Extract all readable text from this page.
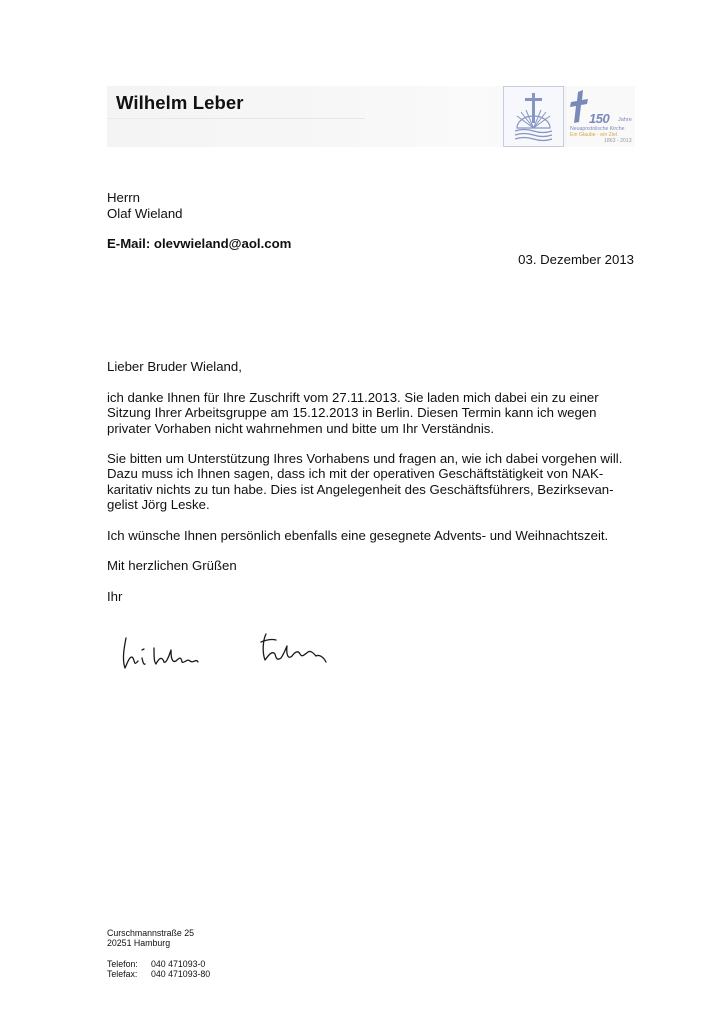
Wilhelm Leber
150 Jahre
Neuapostolische Kirche
Ein Glaube · ein Ziel
1863 - 2013

Herrn

Olaf Wieland

E-Mail: olevwieland@aol.com
03. Dezember 2013

Lieber Bruder Wieland,

ich danke Ihnen für Ihre Zuschrift vom 27.11.2013. Sie laden mich dabei ein zu einer
Sitzung Ihrer Arbeitsgruppe am 15.12.2013 in Berlin. Diesen Termin kann ich wegen
privater Vorhaben nicht wahrnehmen und bitte um Ihr Verständnis.
Sie bitten um Unterstützung Ihres Vorhabens und fragen an, wie ich dabei vorgehen will.
Dazu muss ich Ihnen sagen, dass ich mit der operativen Geschäftstätigkeit von NAK-
karitativ nichts zu tun habe. Dies ist Angelegenheit des Geschäftsführers, Bezirksevan-
gelist Jörg Leske.

Ich wünsche Ihnen persönlich ebenfalls eine gesegnete Advents- und Weihnachtszeit.

Mit herzlichen Grüßen

Ihr

Curschmannstraße 25
20251 Hamburg
Telefon:	040 471093-0
Telefax:	040 471093-80
